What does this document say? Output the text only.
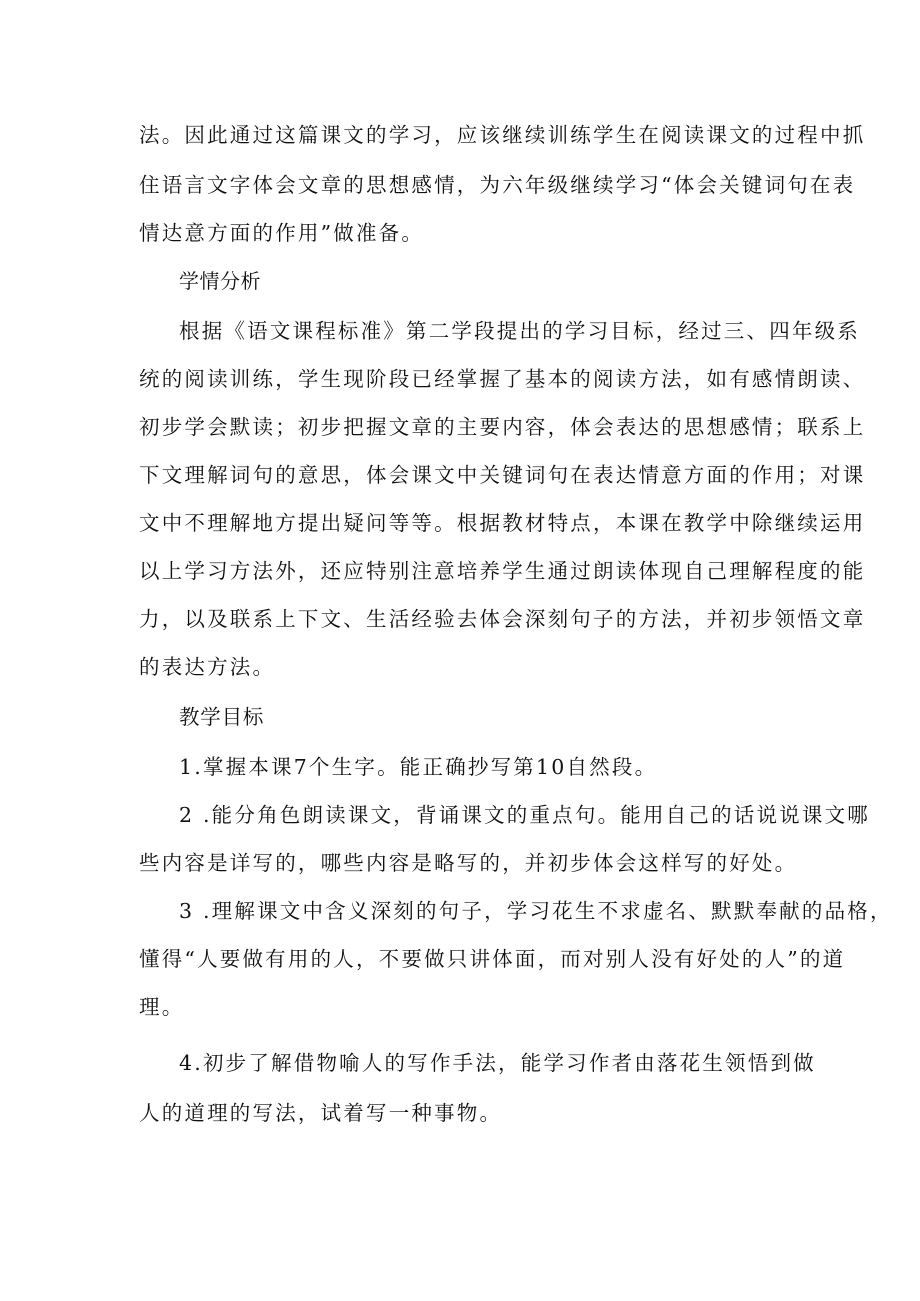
法。因此通过这篇课文的学习，应该继续训练学生在阅读课文的过程中抓
住语言文字体会文章的思想感情，为六年级继续学习“体会关键词句在表
情达意方面的作用”做准备。
学情分析
根据《语文课程标准》第二学段提出的学习目标，经过三、四年级系
统的阅读训练，学生现阶段已经掌握了基本的阅读方法，如有感情朗读、
初步学会默读；初步把握文章的主要内容，体会表达的思想感情；联系上
下文理解词句的意思，体会课文中关键词句在表达情意方面的作用；对课
文中不理解地方提出疑问等等。根据教材特点，本课在教学中除继续运用
以上学习方法外，还应特别注意培养学生通过朗读体现自己理解程度的能
力，以及联系上下文、生活经验去体会深刻句子的方法，并初步领悟文章
的表达方法。
教学目标
1.掌握本课7个生字。能正确抄写第10自然段。
2 .能分角色朗读课文，背诵课文的重点句。能用自己的话说说课文哪
些内容是详写的，哪些内容是略写的，并初步体会这样写的好处。
3 .理解课文中含义深刻的句子，学习花生不求虚名、默默奉献的品格，
懂得“人要做有用的人，不要做只讲体面，而对别人没有好处的人”的道
理。
4.初步了解借物喻人的写作手法，能学习作者由落花生领悟到做
人的道理的写法，试着写一种事物。
